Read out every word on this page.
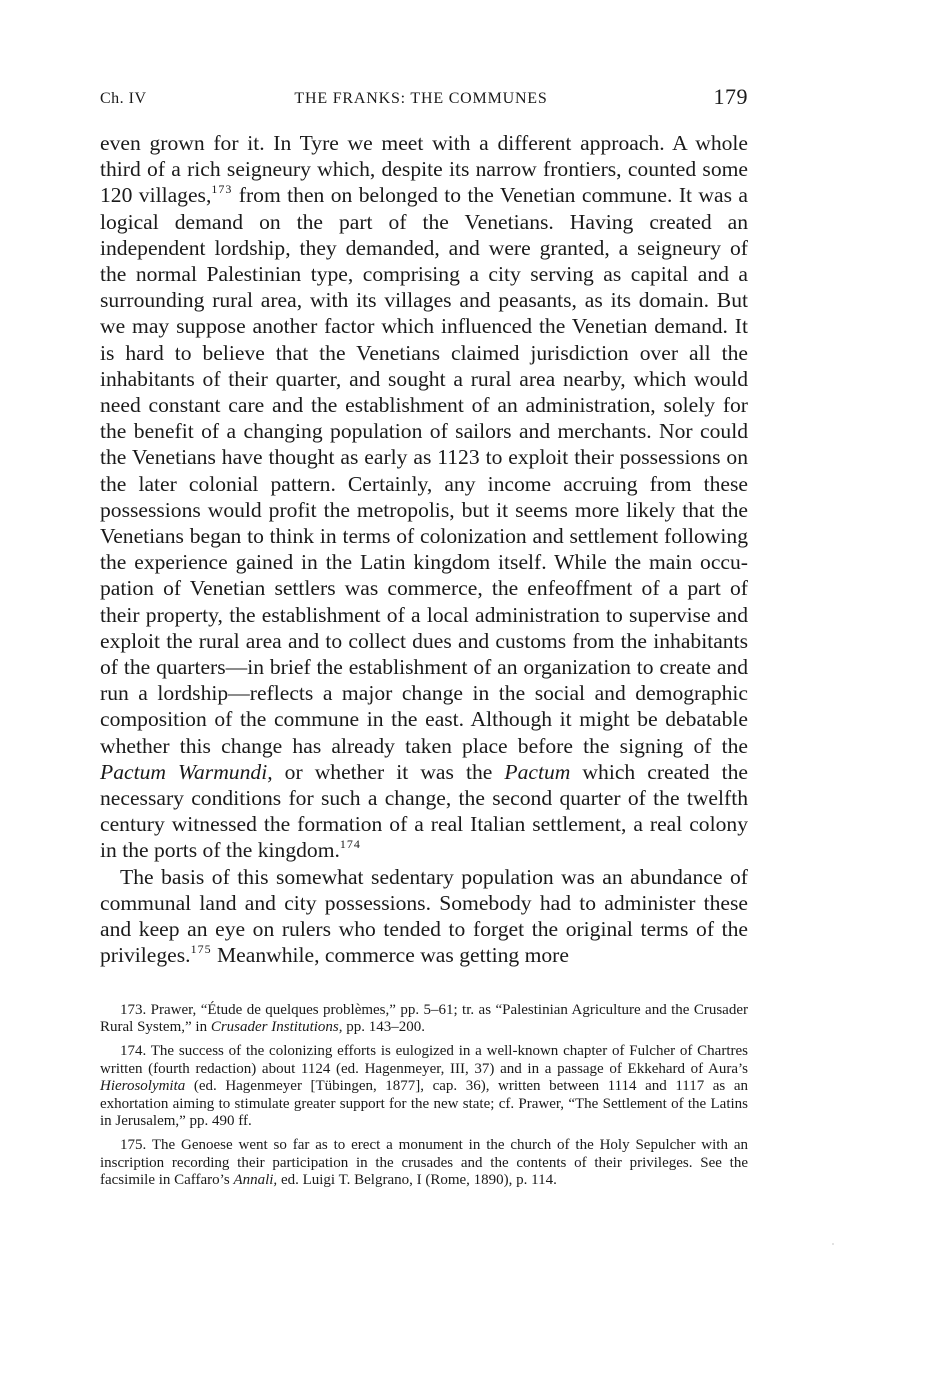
Ch. IV	THE FRANKS: THE COMMUNES	179

even grown for it. In Tyre we meet with a different approach. A whole third of a rich seigneury which, despite its narrow frontiers, counted some 120 villages,$^{173}$ from then on belonged to the Venetian commune. It was a logical demand on the part of the Venetians. Having created an independent lordship, they demanded, and were granted, a seigneury of the normal Palestinian type, comprising a city serving as capital and a surrounding rural area, with its villages and peasants, as its domain. But we may suppose another factor which influenced the Venetian demand. It is hard to believe that the Venetians claimed jurisdiction over all the inhabitants of their quarter, and sought a rural area nearby, which would need constant care and the establishment of an administration, solely for the benefit of a changing population of sailors and merchants. Nor could the Venetians have thought as early as 1123 to exploit their possessions on the later colonial pattern. Certainly, any income accruing from these possessions would profit the metropolis, but it seems more likely that the Venetians began to think in terms of colonization and settlement following the experience gained in the Latin kingdom itself. While the main occupation of Venetian settlers was commerce, the enfeoffment of a part of their property, the establishment of a local administration to supervise and exploit the rural area and to collect dues and customs from the inhabitants of the quarters—in brief the establishment of an organization to create and run a lordship—reflects a major change in the social and demographic composition of the commune in the east. Although it might be debatable whether this change has already taken place before the signing of the Pactum Warmundi, or whether it was the Pactum which created the necessary conditions for such a change, the second quarter of the twelfth century witnessed the formation of a real Italian settlement, a real colony in the ports of the kingdom.$^{174}$

The basis of this somewhat sedentary population was an abundance of communal land and city possessions. Somebody had to administer these and keep an eye on rulers who tended to forget the original terms of the privileges.$^{175}$ Meanwhile, commerce was getting more

173. Prawer, “Étude de quelques problèmes,” pp. 5–61; tr. as “Palestinian Agriculture and the Crusader Rural System,” in Crusader Institutions, pp. 143–200.

174. The success of the colonizing efforts is eulogized in a well-known chapter of Fulcher of Chartres written (fourth redaction) about 1124 (ed. Hagenmeyer, III, 37) and in a passage of Ekkehard of Aura’s Hierosolymita (ed. Hagenmeyer [Tübingen, 1877], cap. 36), written between 1114 and 1117 as an exhortation aiming to stimulate greater support for the new state; cf. Prawer, “The Settlement of the Latins in Jerusalem,” pp. 490 ff.

175. The Genoese went so far as to erect a monument in the church of the Holy Sepulcher with an inscription recording their participation in the crusades and the contents of their privileges. See the facsimile in Caffaro’s Annali, ed. Luigi T. Belgrano, I (Rome, 1890), p. 114.
